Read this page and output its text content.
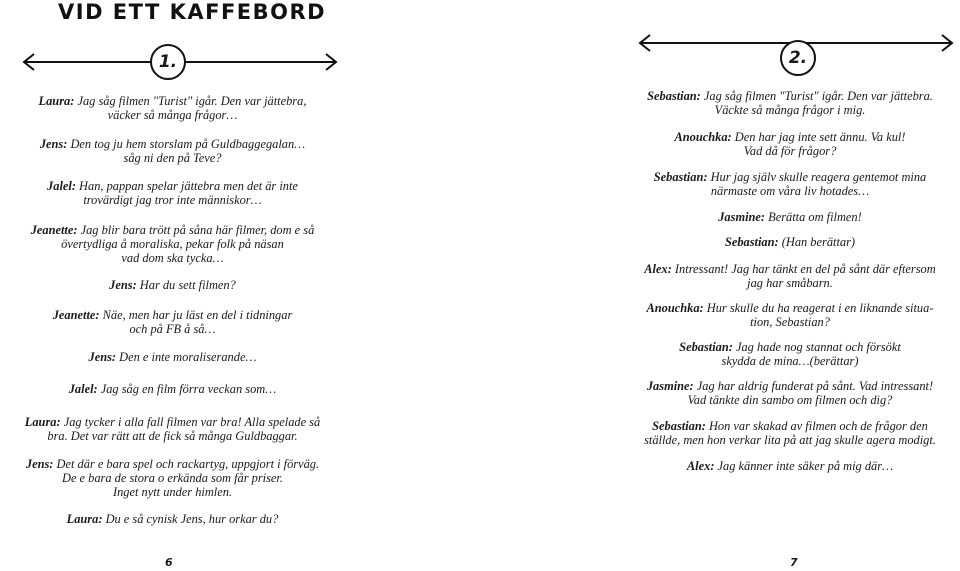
VID ETT KAFFEBORD
1.	2.
Laura: Jag såg filmen "Turist" igår. Den var jättebra,
väcker så många frågor…
Jens: Den tog ju hem storslam på Guldbaggegalan…
såg ni den på Teve?
Jalel: Han, pappan spelar jättebra men det är inte
trovärdigt jag tror inte människor…
Jeanette: Jag blir bara trött på såna här filmer, dom e så
övertydliga å moraliska, pekar folk på näsan
vad dom ska tycka…
Jens: Har du sett filmen?
Jeanette: Näe, men har ju läst en del i tidningar
och på FB å så…
Jens: Den e inte moraliserande…
Jalel: Jag såg en film förra veckan som…
Laura: Jag tycker i alla fall filmen var bra! Alla spelade så
bra. Det var rätt att de fick så många Guldbaggar.
Jens: Det där e bara spel och rackartyg, uppgjort i förväg.
De e bara de stora o erkända som får priser.
Inget nytt under himlen.
Laura: Du e så cynisk Jens, hur orkar du?
Sebastian: Jag såg filmen "Turist" igår. Den var jättebra.
Väckte så många frågor i mig.
Anouchka: Den har jag inte sett ännu. Va kul!
Vad då för frågor?
Sebastian: Hur jag själv skulle reagera gentemot mina
närmaste om våra liv hotades…
Jasmine: Berätta om filmen!
Sebastian: (Han berättar)
Alex: Intressant! Jag har tänkt en del på sånt där eftersom
jag har småbarn.
Anouchka: Hur skulle du ha reagerat i en liknande situa-
tion, Sebastian?
Sebastian: Jag hade nog stannat och försökt
skydda de mina…(berättar)
Jasmine: Jag har aldrig funderat på sånt. Vad intressant!
Vad tänkte din sambo om filmen och dig?
Sebastian: Hon var skakad av filmen och de frågor den
ställde, men hon verkar lita på att jag skulle agera modigt.
Alex: Jag känner inte säker på mig där…
6	7
